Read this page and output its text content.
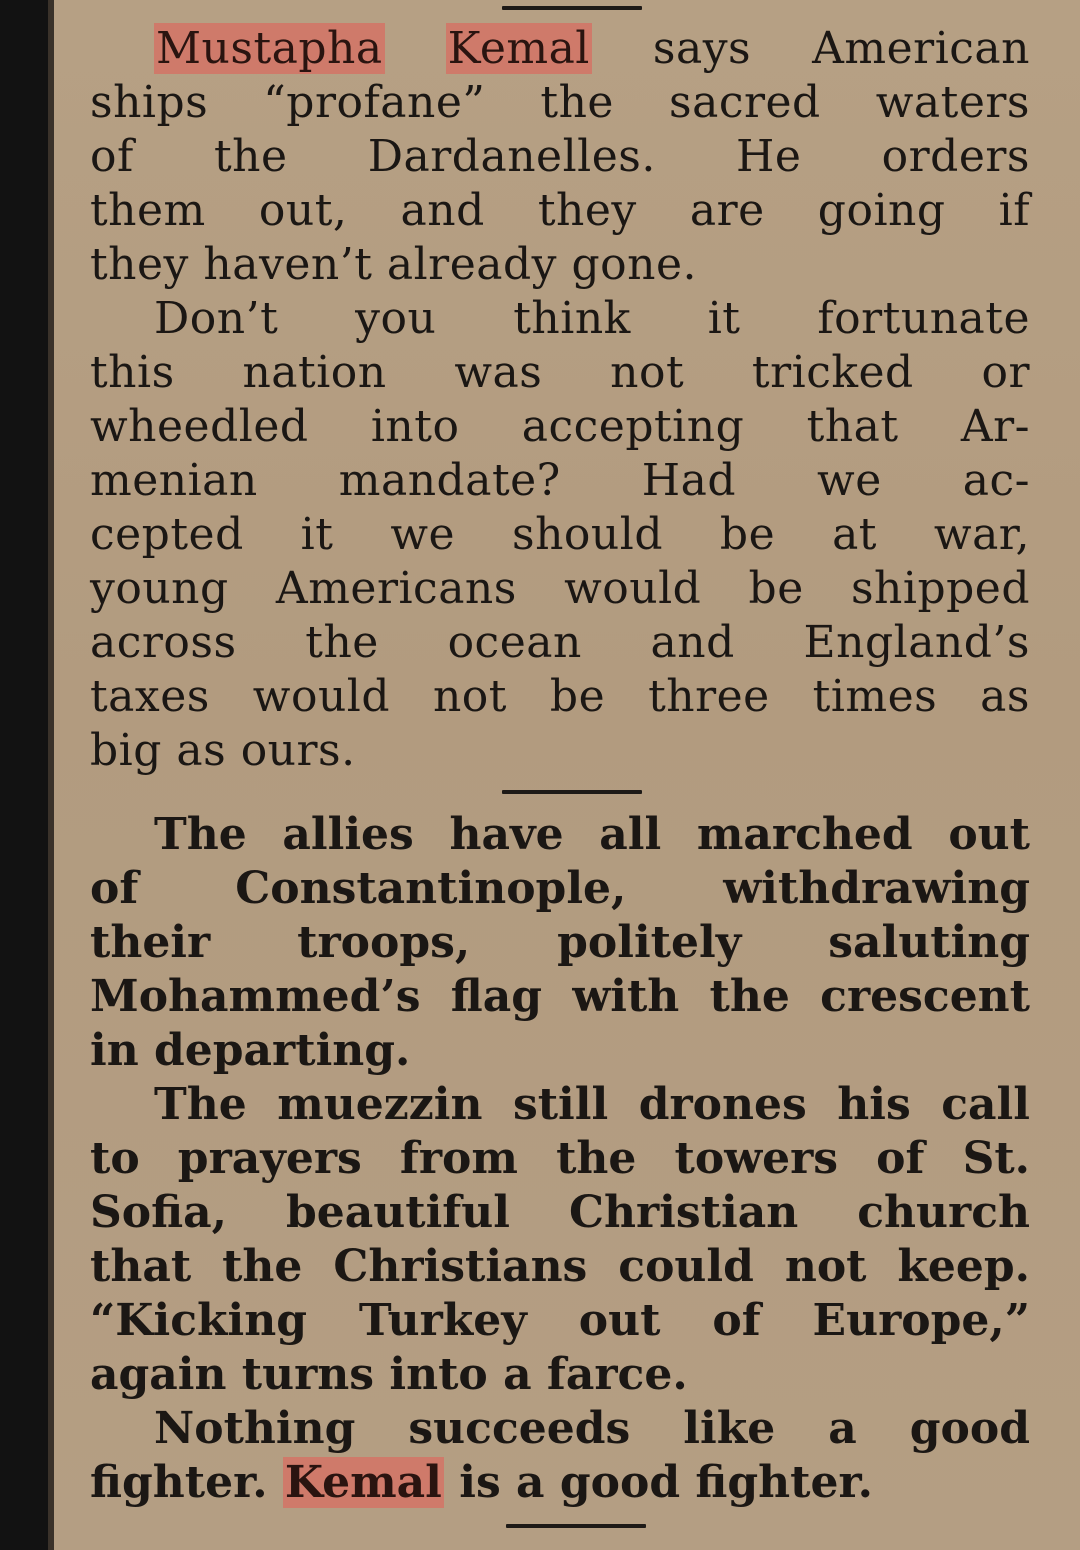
Mustapha Kemal says American
ships “profane” the sacred waters
of the Dardanelles. He orders
them out, and they are going if
they haven’t already gone.
Don’t you think it fortunate
this nation was not tricked or
wheedled into accepting that Ar-
menian mandate? Had we ac-
cepted it we should be at war,
young Americans would be shipped
across the ocean and England’s
taxes would not be three times as
big as ours.
The allies have all marched out
of Constantinople, withdrawing
their troops, politely saluting
Mohammed’s flag with the crescent
in departing.
The muezzin still drones his call
to prayers from the towers of St.
Sofia, beautiful Christian church
that the Christians could not keep.
“Kicking Turkey out of Europe,”
again turns into a farce.
Nothing succeeds like a good
fighter. Kemal is a good fighter.
